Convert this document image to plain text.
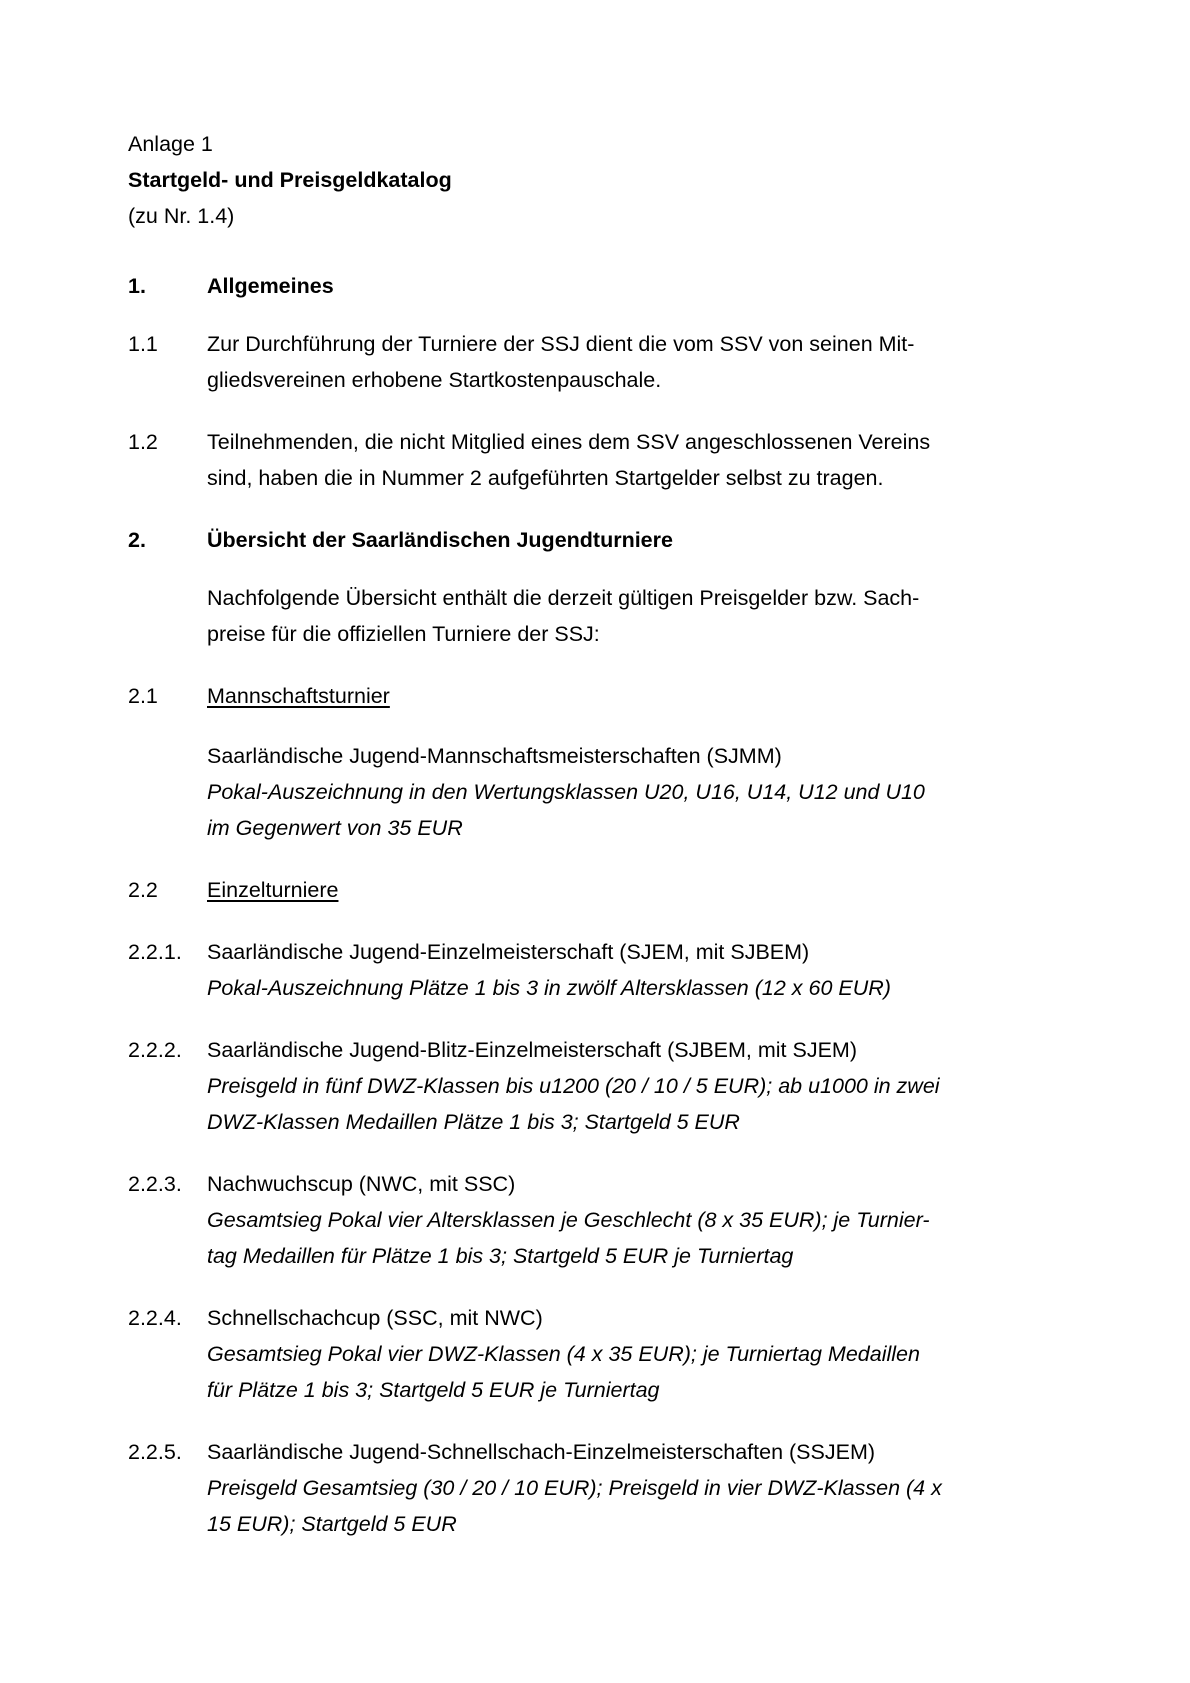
Anlage 1
Startgeld- und Preisgeldkatalog
(zu Nr. 1.4)
1.	Allgemeines
1.1	Zur Durchführung der Turniere der SSJ dient die vom SSV von seinen Mit-
gliedsvereinen erhobene Startkostenpauschale.
1.2	Teilnehmenden, die nicht Mitglied eines dem SSV angeschlossenen Vereins
sind, haben die in Nummer 2 aufgeführten Startgelder selbst zu tragen.
2.	Übersicht der Saarländischen Jugendturniere
Nachfolgende Übersicht enthält die derzeit gültigen Preisgelder bzw. Sach-
preise für die offiziellen Turniere der SSJ:
2.1	Mannschaftsturnier
Saarländische Jugend-Mannschaftsmeisterschaften (SJMM)
Pokal-Auszeichnung in den Wertungsklassen U20, U16, U14, U12 und U10
im Gegenwert von 35 EUR
2.2	Einzelturniere
2.2.1.	Saarländische Jugend-Einzelmeisterschaft (SJEM, mit SJBEM)
Pokal-Auszeichnung Plätze 1 bis 3 in zwölf Altersklassen (12 x 60 EUR)
2.2.2.	Saarländische Jugend-Blitz-Einzelmeisterschaft (SJBEM, mit SJEM)
Preisgeld in fünf DWZ-Klassen bis u1200 (20 / 10 / 5 EUR); ab u1000 in zwei
DWZ-Klassen Medaillen Plätze 1 bis 3; Startgeld 5 EUR
2.2.3.	Nachwuchscup (NWC, mit SSC)
Gesamtsieg Pokal vier Altersklassen je Geschlecht (8 x 35 EUR); je Turnier-
tag Medaillen für Plätze 1 bis 3; Startgeld 5 EUR je Turniertag
2.2.4.	Schnellschachcup (SSC, mit NWC)
Gesamtsieg Pokal vier DWZ-Klassen (4 x 35 EUR); je Turniertag Medaillen
für Plätze 1 bis 3; Startgeld 5 EUR je Turniertag
2.2.5.	Saarländische Jugend-Schnellschach-Einzelmeisterschaften (SSJEM)
Preisgeld Gesamtsieg (30 / 20 / 10 EUR); Preisgeld in vier DWZ-Klassen (4 x
15 EUR); Startgeld 5 EUR
